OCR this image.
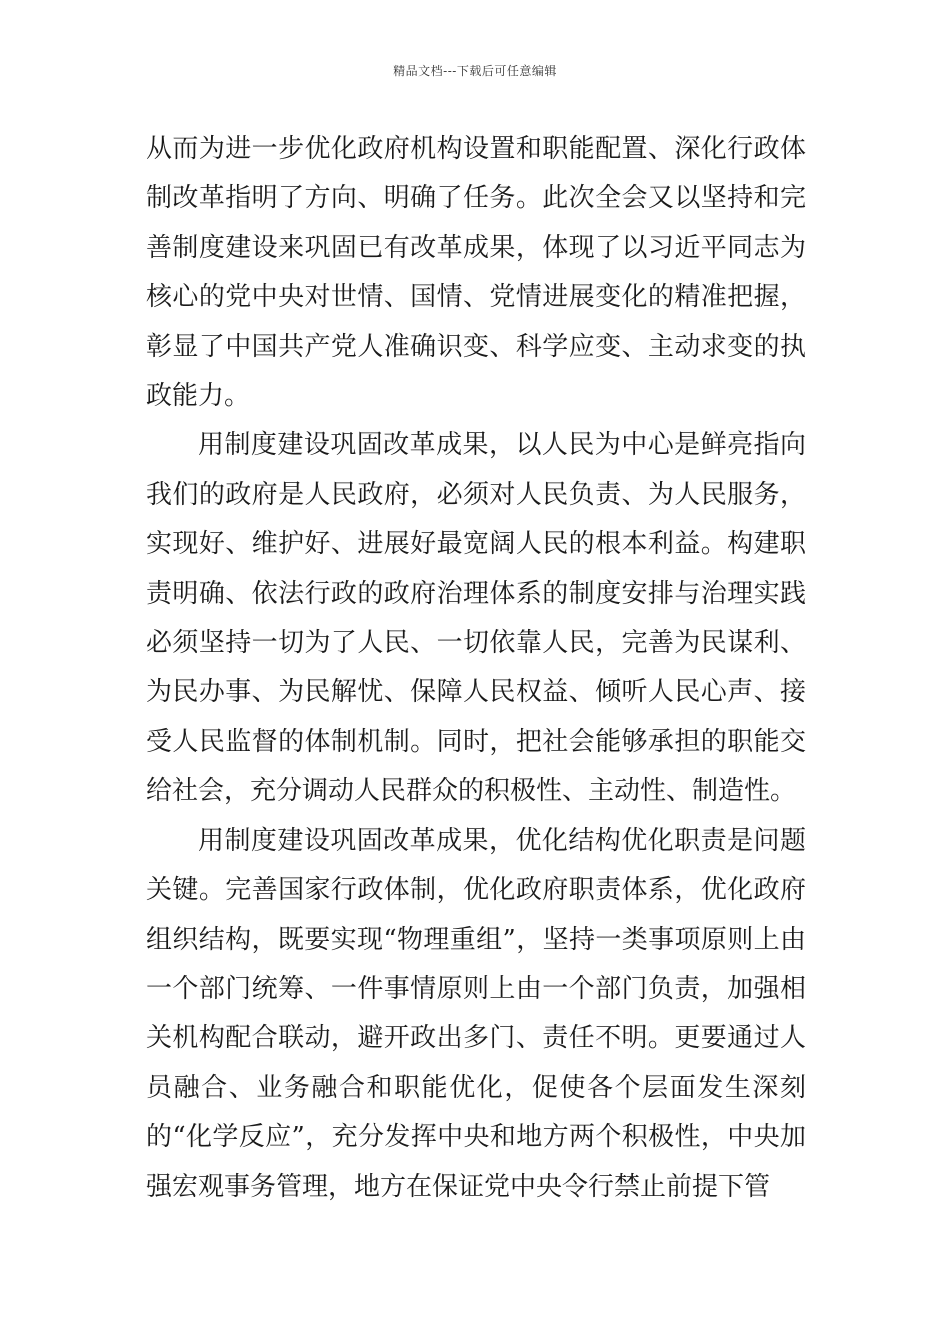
精品文档---下载后可任意编辑

从而为进一步优化政府机构设置和职能配置、深化行政体制改革指明了方向、明确了任务。此次全会又以坚持和完善制度建设来巩固已有改革成果，体现了以习近平同志为核心的党中央对世情、国情、党情进展变化的精准把握，彰显了中国共产党人准确识变、科学应变、主动求变的执政能力。

用制度建设巩固改革成果，以人民为中心是鲜亮指向我们的政府是人民政府，必须对人民负责、为人民服务，实现好、维护好、进展好最宽阔人民的根本利益。构建职责明确、依法行政的政府治理体系的制度安排与治理实践必须坚持一切为了人民、一切依靠人民，完善为民谋利、为民办事、为民解忧、保障人民权益、倾听人民心声、接受人民监督的体制机制。同时，把社会能够承担的职能交给社会，充分调动人民群众的积极性、主动性、制造性。

用制度建设巩固改革成果，优化结构优化职责是问题关键。完善国家行政体制，优化政府职责体系，优化政府组织结构，既要实现“物理重组”，坚持一类事项原则上由一个部门统筹、一件事情原则上由一个部门负责，加强相关机构配合联动，避开政出多门、责任不明。更要通过人员融合、业务融合和职能优化，促使各个层面发生深刻的“化学反应”，充分发挥中央和地方两个积极性，中央加强宏观事务管理，地方在保证党中央令行禁止前提下管
